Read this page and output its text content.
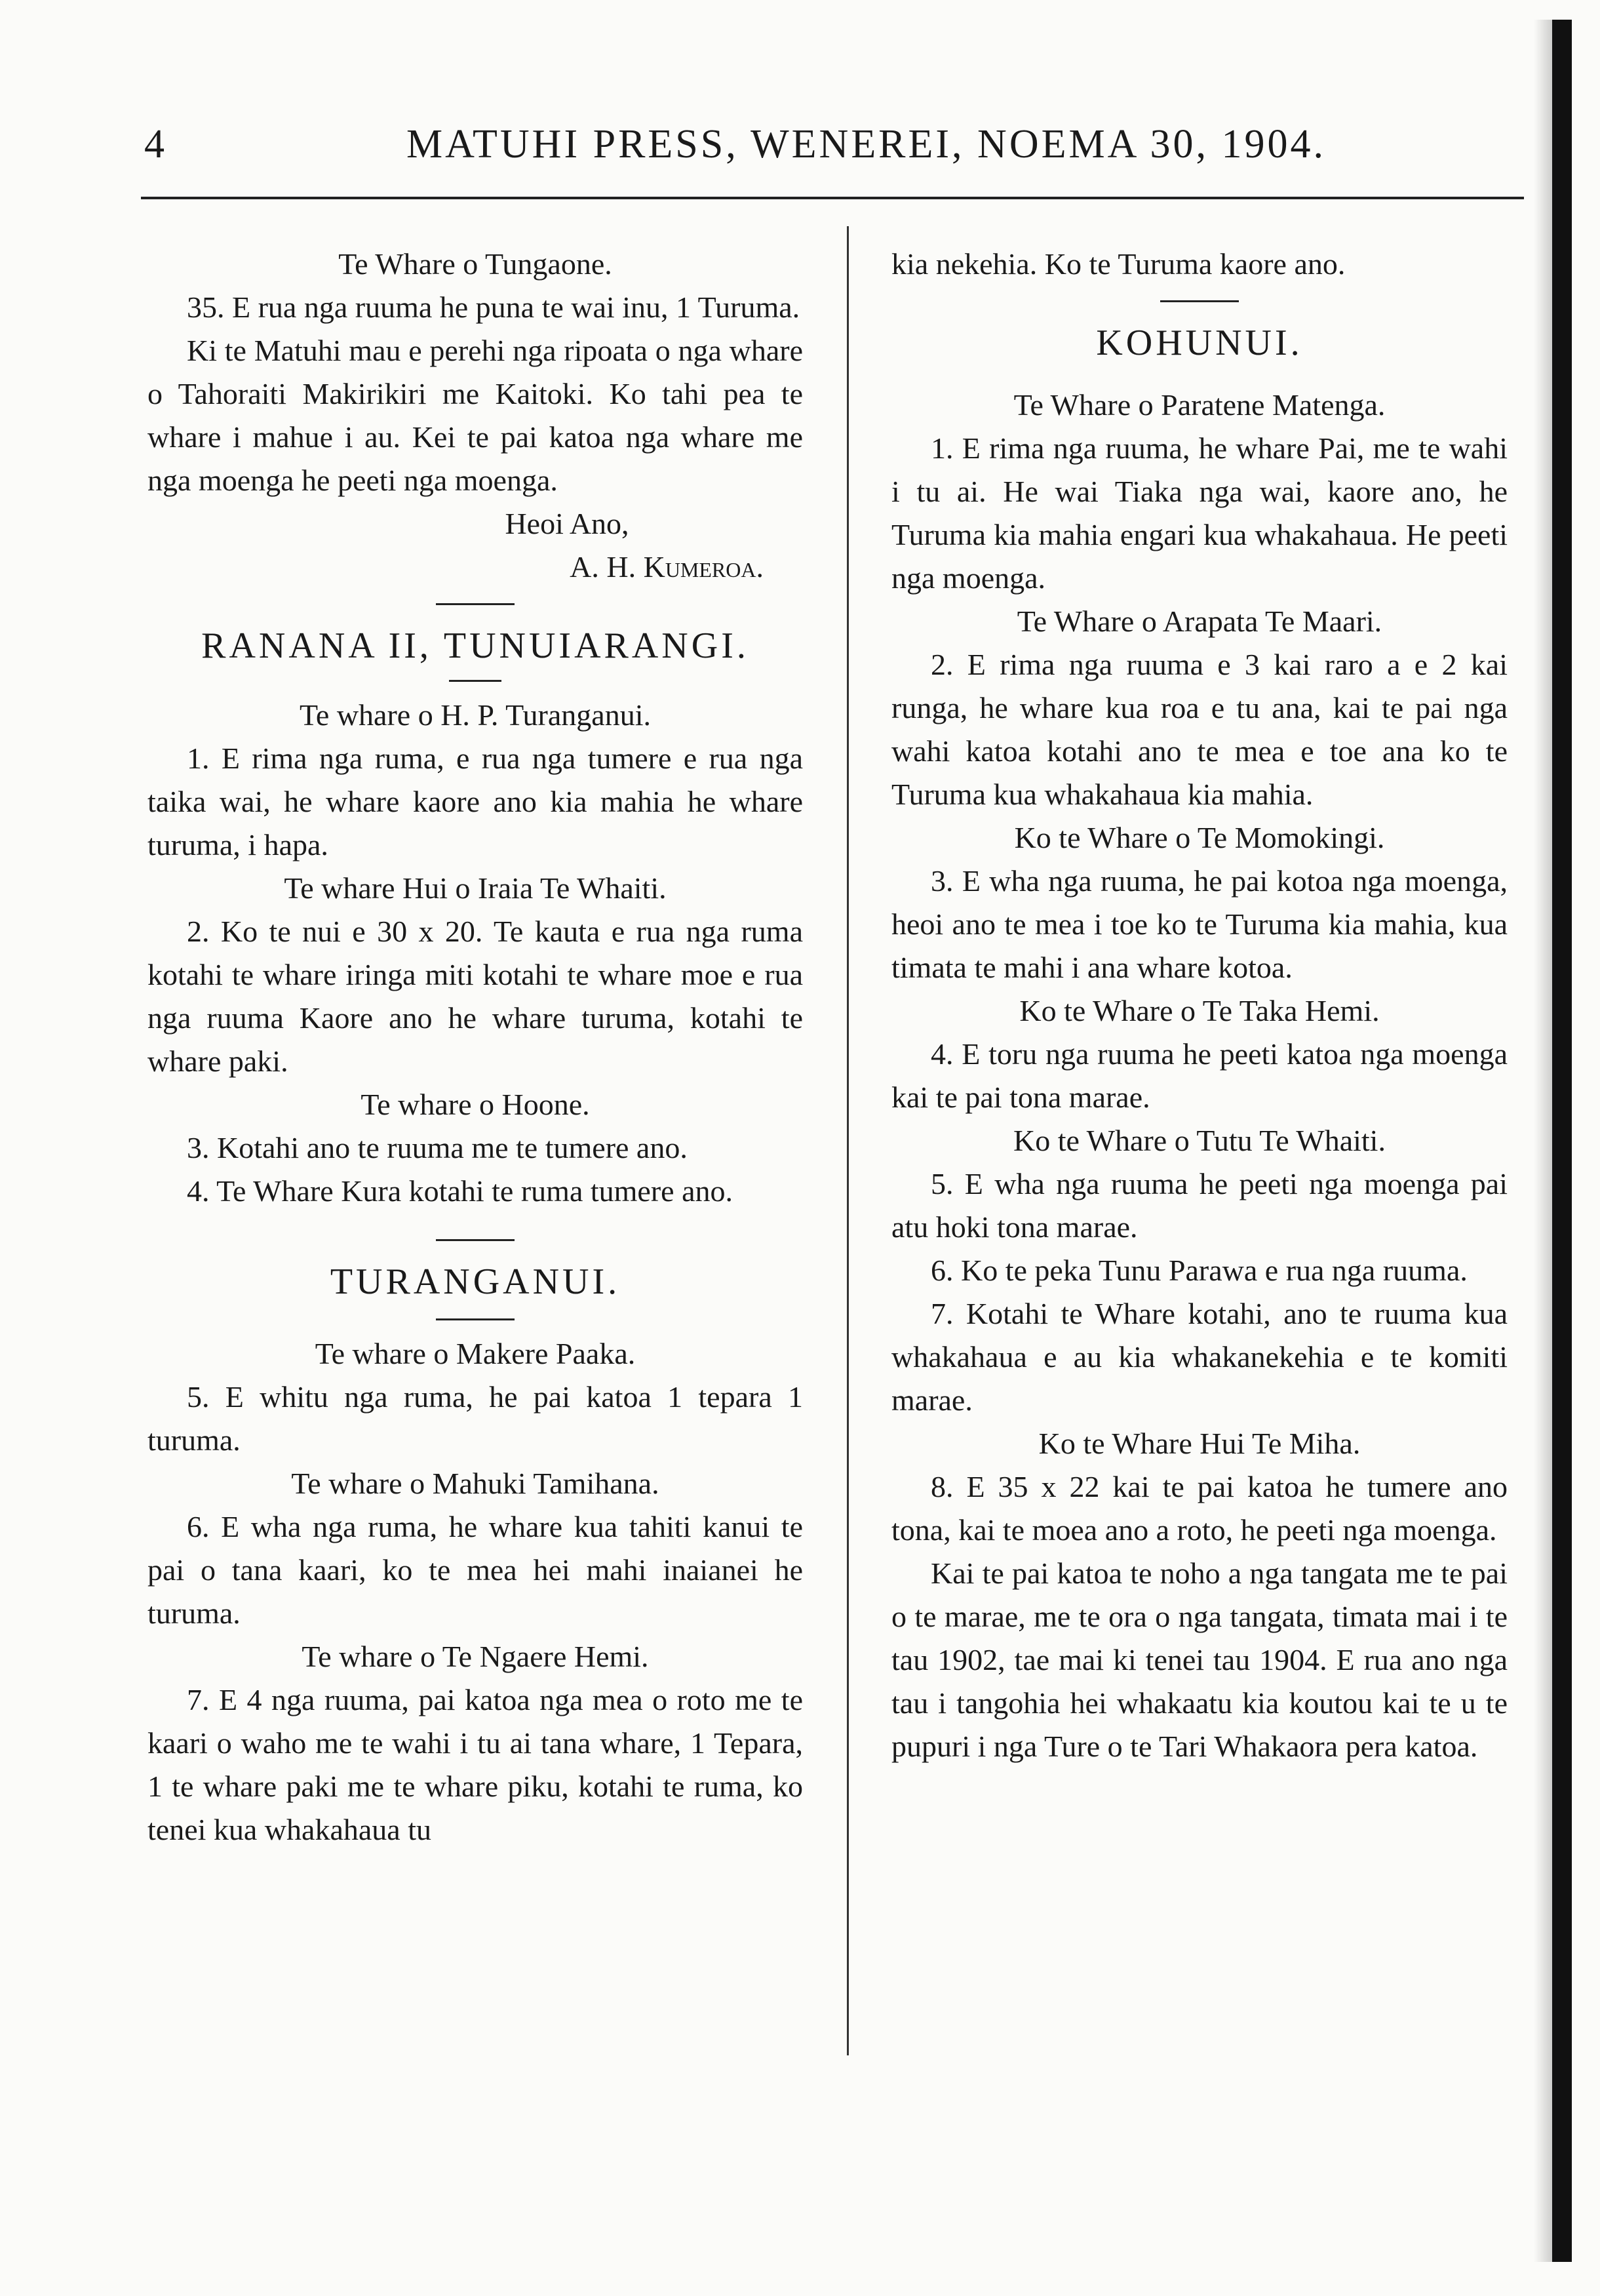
4	MATUHI PRESS, WENEREI, NOEMA 30, 1904.

Te Whare o Tungaone.

35. E rua nga ruuma he puna te wai inu, 1 Turuma.

Ki te Matuhi mau e perehi nga ripoata o nga whare o Tahoraiti Makirikiri me Kaitoki. Ko tahi pea te whare i mahue i au. Kei te pai katoa nga whare me nga moenga he peeti nga moenga.

Heoi Ano,

A. H. Kumeroa.

RANANA II, TUNUIARANGI.

Te whare o H. P. Turanganui.

1. E rima nga ruma, e rua nga tumere e rua nga taika wai, he whare kaore ano kia mahia he whare turuma, i hapa.

Te whare Hui o Iraia Te Whaiti.

2. Ko te nui e 30 x 20. Te kauta e rua nga ruma kotahi te whare iringa miti kotahi te whare moe e rua nga ruuma Kaore ano he whare turuma, kotahi te whare paki.

Te whare o Hoone.

3. Kotahi ano te ruuma me te tumere ano.

4. Te Whare Kura kotahi te ruma tumere ano.

TURANGANUI.

Te whare o Makere Paaka.

5. E whitu nga ruma, he pai katoa 1 tepara 1 turuma.

Te whare o Mahuki Tamihana.

6. E wha nga ruma, he whare kua tahiti kanui te pai o tana kaari, ko te mea hei mahi inaianei he turuma.

Te whare o Te Ngaere Hemi.

7. E 4 nga ruuma, pai katoa nga mea o roto me te kaari o waho me te wahi i tu ai tana whare, 1 Tepara, 1 te whare paki me te whare piku, kotahi te ruma, ko tenei kua whakahaua tu

kia nekehia. Ko te Turuma kaore ano.

KOHUNUI.

Te Whare o Paratene Matenga.

1. E rima nga ruuma, he whare Pai, me te wahi i tu ai. He wai Tiaka nga wai, kaore ano, he Turuma kia mahia engari kua whakahaua. He peeti nga moenga.

Te Whare o Arapata Te Maari.

2. E rima nga ruuma e 3 kai raro a e 2 kai runga, he whare kua roa e tu ana, kai te pai nga wahi katoa kotahi ano te mea e toe ana ko te Turuma kua whakahaua kia mahia.

Ko te Whare o Te Momokingi.

3. E wha nga ruuma, he pai kotoa nga moenga, heoi ano te mea i toe ko te Turuma kia mahia, kua timata te mahi i ana whare kotoa.

Ko te Whare o Te Taka Hemi.

4. E toru nga ruuma he peeti katoa nga moenga kai te pai tona marae.

Ko te Whare o Tutu Te Whaiti.

5. E wha nga ruuma he peeti nga moenga pai atu hoki tona marae.

6. Ko te peka Tunu Parawa e rua nga ruuma.

7. Kotahi te Whare kotahi, ano te ruuma kua whakahaua e au kia whakanekehia e te komiti marae.

Ko te Whare Hui Te Miha.

8. E 35 x 22 kai te pai katoa he tumere ano tona, kai te moea ano a roto, he peeti nga moenga.

Kai te pai katoa te noho a nga tangata me te pai o te marae, me te ora o nga tangata, timata mai i te tau 1902, tae mai ki tenei tau 1904. E rua ano nga tau i tangohia hei whakaatu kia koutou kai te u te pupuri i nga Ture o te Tari Whakaora pera katoa.
